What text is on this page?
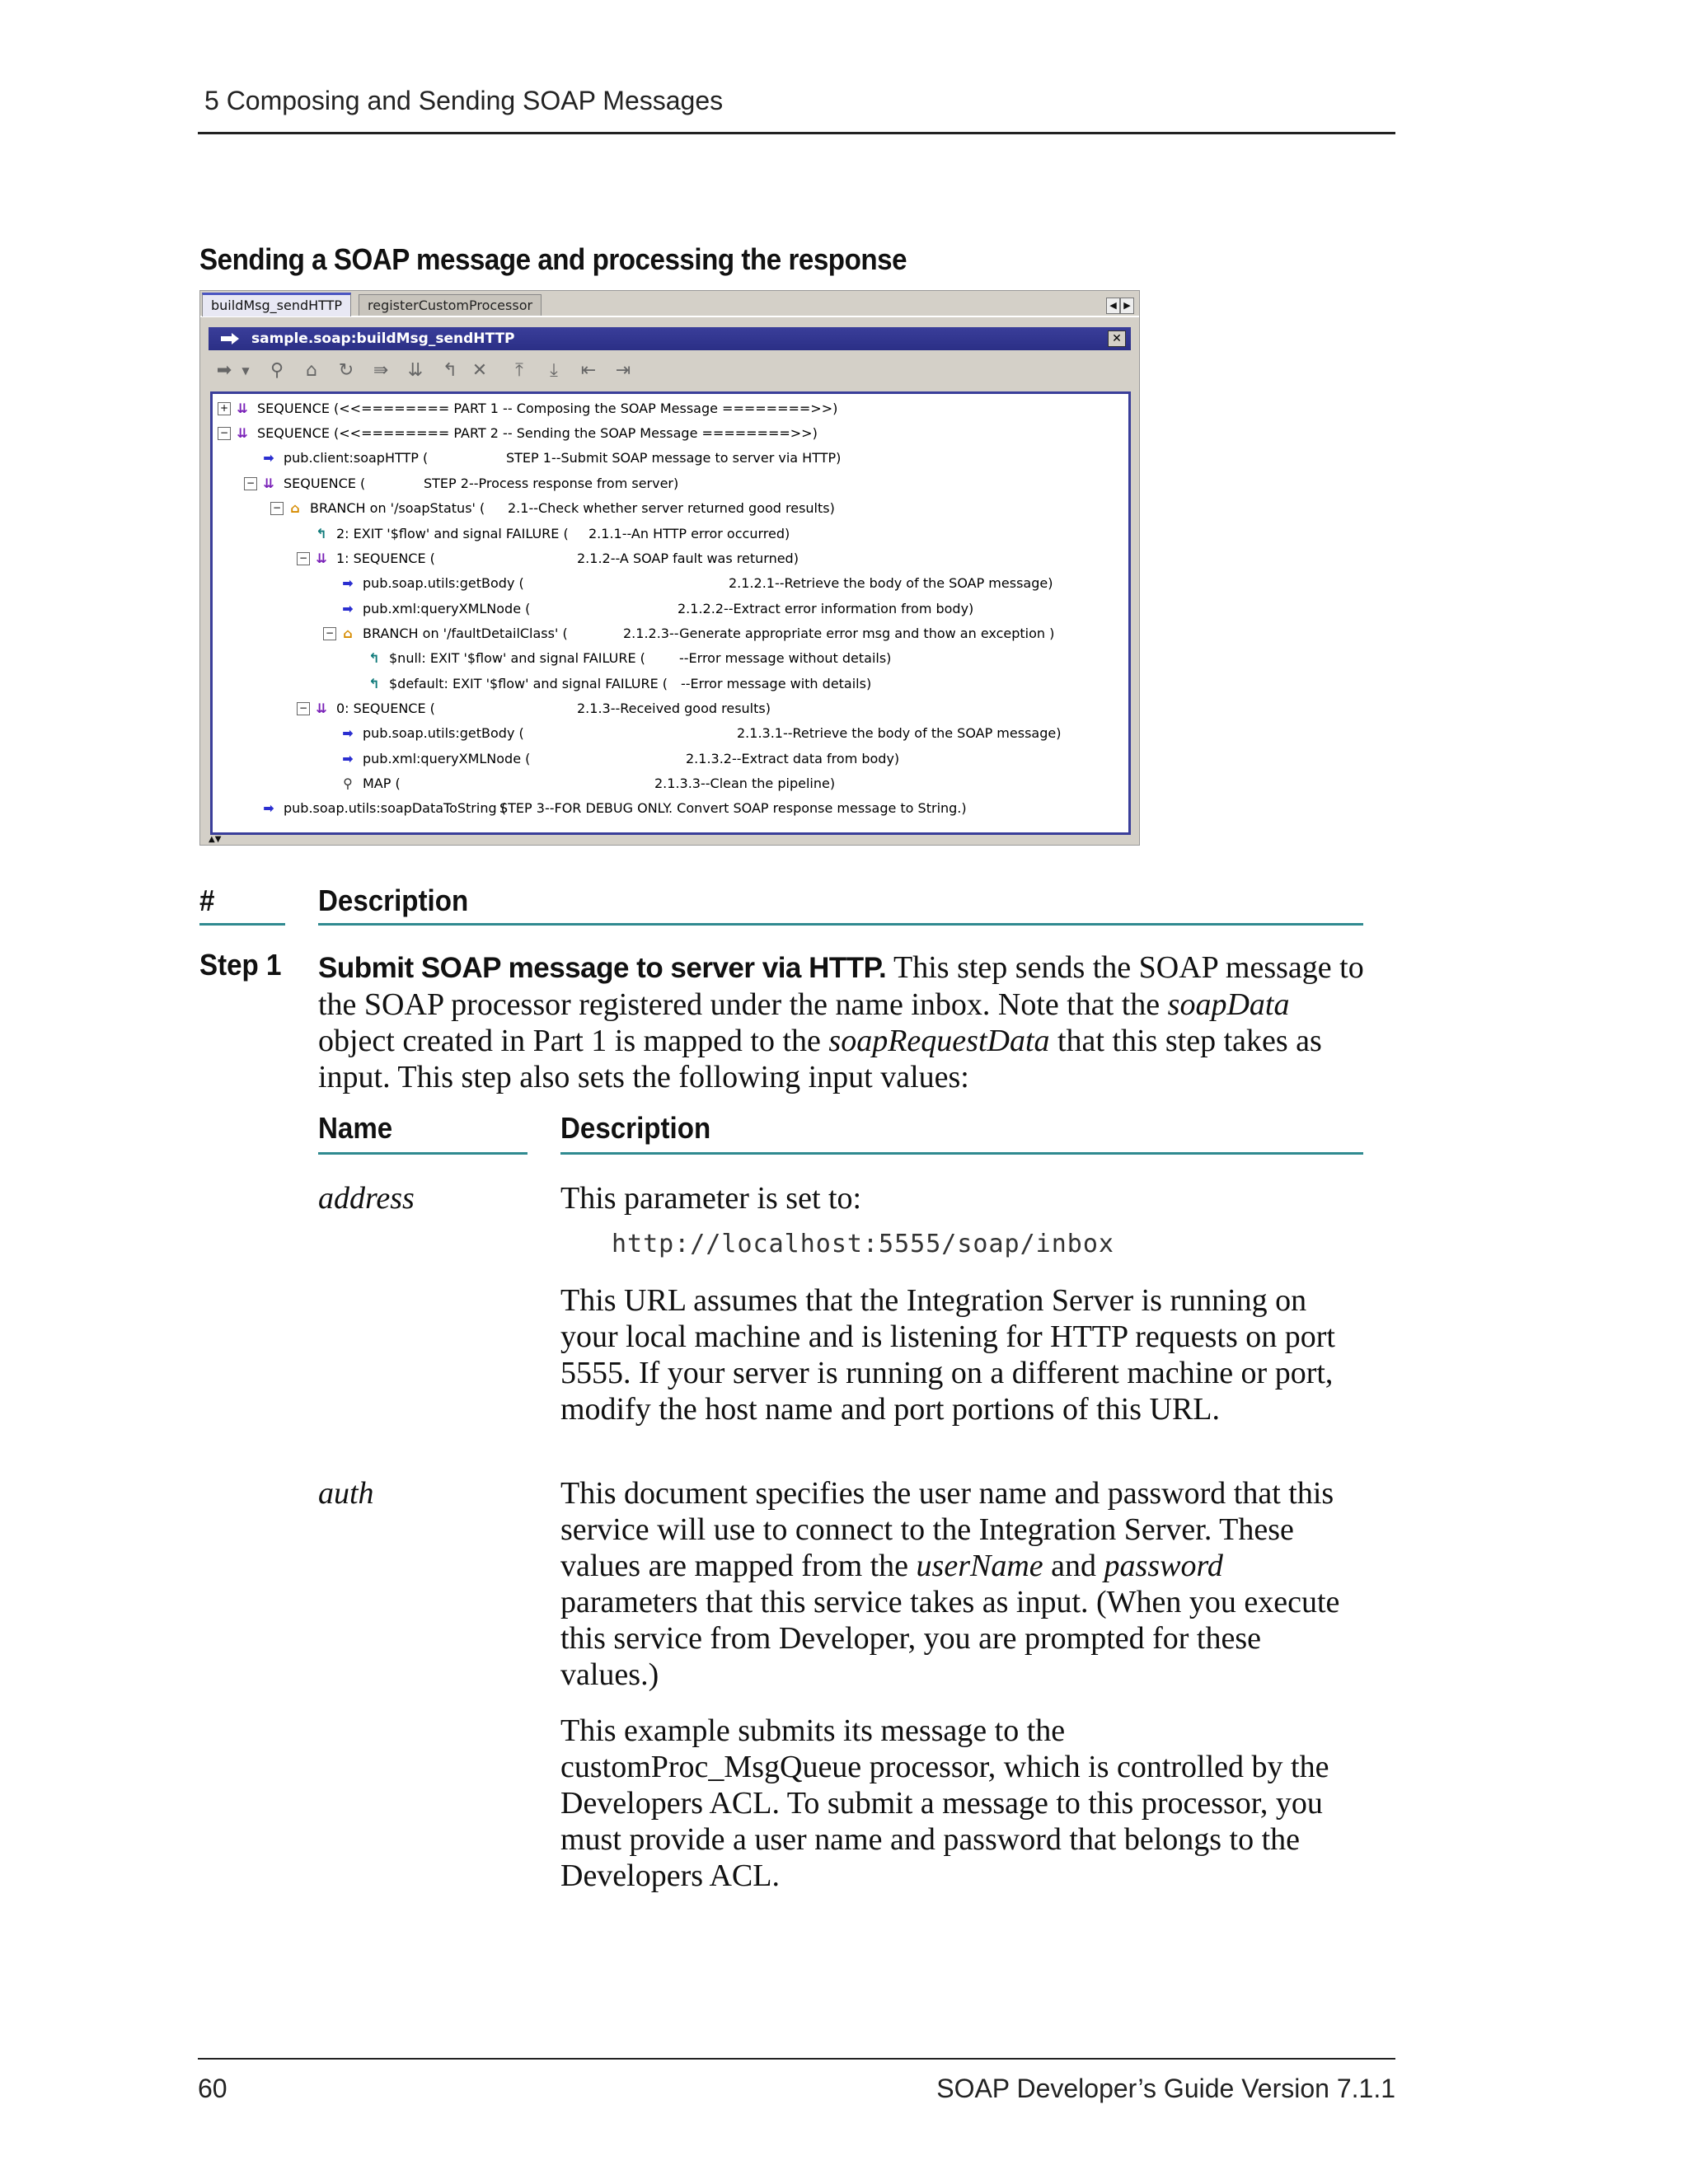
5 Composing and Sending SOAP Messages
Sending a SOAP message and processing the response
buildMsg_sendHTTP	registerCustomProcessor	◀ ▶
sample.soap:buildMsg_sendHTTP	✕
➡	▼	⚲ ⌂ ↻ ⇛ ⇊ ↰ ✕	⤒	⤓	⇤ ⇥
+
−
−
−
−
−
−
⇊ SEQUENCE (<<======== PART 1 -- Composing the SOAP Message ========>>)
⇊ SEQUENCE (<<======== PART 2 -- Sending the SOAP Message ========>>)
➡ pub.client:soapHTTP (	STEP 1--Submit SOAP message to server via HTTP)
⇊ SEQUENCE (	STEP 2--Process response from server)
⌂ BRANCH on '/soapStatus' ( 2.1--Check whether server returned good results)
↰ 2: EXIT '$flow' and signal FAILURE ( 2.1.1--An HTTP error occurred)
⇊ 1: SEQUENCE (	2.1.2--A SOAP fault was returned)
➡ pub.soap.utils:getBody (	2.1.2.1--Retrieve the body of the SOAP message)
➡ pub.xml:queryXMLNode (	2.1.2.2--Extract error information from body)
⌂ BRANCH on '/faultDetailClass' (	2.1.2.3--Generate appropriate error msg and thow an exception )
↰ $null: EXIT '$flow' and signal FAILURE (	--Error message without details)
↰ $default: EXIT '$flow' and signal FAILURE ( --Error message with details)
⇊ 0: SEQUENCE (	2.1.3--Received good results)
➡ pub.soap.utils:getBody (	2.1.3.1--Retrieve the body of the SOAP message)
➡ pub.xml:queryXMLNode (	2.1.3.2--Extract data from body)
⚲ MAP (	2.1.3.3--Clean the pipeline)
➡ pub.soap.utils:soapDataToString (
STEP 3--FOR DEBUG ONLY. Convert SOAP response message to String.)
▲▼
#	Description
Step 1 Submit SOAP message to server via HTTP. This step sends the SOAP message to the SOAP processor registered under the name inbox. Note that the soapData object created in Part 1 is mapped to the soapRequestData that this step takes as input. This step also sets the following input values:
Name	Description
address	This parameter is set to:
http://localhost:5555/soap/inbox
This URL assumes that the Integration Server is running on your local machine and is listening for HTTP requests on port 5555. If your server is running on a different machine or port, modify the host name and port portions of this URL.
auth	This document specifies the user name and password that this service will use to connect to the Integration Server. These values are mapped from the userName and password parameters that this service takes as input. (When you execute this service from Developer, you are prompted for these values.)
This example submits its message to the customProc_MsgQueue processor, which is controlled by the Developers ACL. To submit a message to this processor, you must provide a user name and password that belongs to the Developers ACL.
60	SOAP Developer’s Guide Version 7.1.1
